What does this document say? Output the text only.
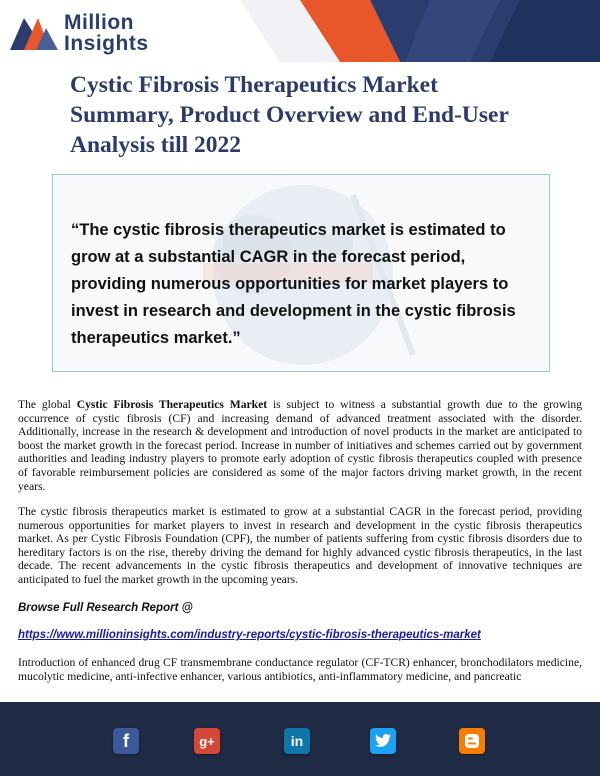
Million
Insights
Cystic Fibrosis Therapeutics Market Summary, Product Overview and End-User Analysis till 2022
“The cystic fibrosis therapeutics market is estimated to grow at a substantial CAGR in the forecast period, providing numerous opportunities for market players to invest in research and development in the cystic fibrosis therapeutics market.”
The global Cystic Fibrosis Therapeutics Market is subject to witness a substantial growth due to the growing occurrence of cystic fibrosis (CF) and increasing demand of advanced treatment associated with the disorder. Additionally, increase in the research & development and introduction of novel products in the market are anticipated to boost the market growth in the forecast period. Increase in number of initiatives and schemes carried out by government authorities and leading industry players to promote early adoption of cystic fibrosis therapeutics coupled with presence of favorable reimbursement policies are considered as some of the major factors driving market growth, in the recent years.
The cystic fibrosis therapeutics market is estimated to grow at a substantial CAGR in the forecast period, providing numerous opportunities for market players to invest in research and development in the cystic fibrosis therapeutics market. As per Cystic Fibrosis Foundation (CPF), the number of patients suffering from cystic fibrosis disorders due to hereditary factors is on the rise, thereby driving the demand for highly advanced cystic fibrosis therapeutics, in the last decade. The recent advancements in the cystic fibrosis therapeutics and development of innovative techniques are anticipated to fuel the market growth in the upcoming years.
Browse Full Research Report @
https://www.millioninsights.com/industry-reports/cystic-fibrosis-therapeutics-market
Introduction of enhanced drug CF transmembrane conductance regulator (CF-TCR) enhancer, bronchodilators medicine, mucolytic medicine, anti-infective enhancer, various antibiotics, anti-inflammatory medicine, and pancreatic
f	g+	in
